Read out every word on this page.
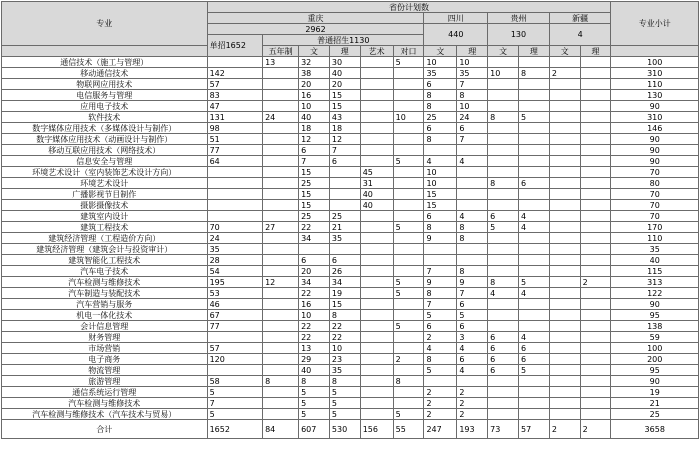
专业	省份计划数												专业小计
	重庆						四川		贵州		新疆		
	2962						440		130		4		
	单招1652	普通招生1130											
		五年制	文	理	艺术	对口	文	理	文	理	文	理	
通信技术（施工与管理）		13	32	30		5	10	10					100
移动通信技术	142		38	40			35	35	10	8	2		310
物联网应用技术	57		20	20			6	7					110
电信服务与管理	83		16	15			8	8					130
应用电子技术	47		10	15			8	10					90
软件技术	131	24	40	43		10	25	24	8	5			310
数字媒体应用技术（多媒体设计与制作）	98		18	18			6	6					146
数字媒体应用技术（动画设计与制作）	51		12	12			8	7					90
移动互联应用技术（网络技术）	77		6	7									90
信息安全与管理	64		7	6		5	4	4					90
环境艺术设计（室内装饰艺术设计方向）			15		45		10						70
环境艺术设计			25		31		10		8	6			80
广播影视节目制作			15		40		15						70
摄影摄像技术			15		40		15						70
建筑室内设计			25	25			6	4	6	4			70
建筑工程技术	70	27	22	21		5	8	8	5	4			170
建筑经济管理（工程造价方向）	24		34	35			9	8					110
建筑经济管理（建筑会计与投资审计）	35												35
建筑智能化工程技术	28		6	6									40
汽车电子技术	54		20	26			7	8					115
汽车检测与维修技术	195	12	34	34		5	9	9	8	5		2	313
汽车制造与装配技术	53		22	19		5	8	7	4	4			122
汽车营销与服务	46		16	15			7	6					90
机电一体化技术	67		10	8			5	5					95
会计信息管理	77		22	22		5	6	6					138
财务管理			22	22			2	3	6	4			59
市场营销	57		13	10			4	4	6	6			100
电子商务	120		29	23		2	8	6	6	6			200
物流管理			40	35			5	4	6	5			95
旅游管理	58	8	8	8		8							90
通信系统运行管理	5		5	5			2	2					19
汽车检测与维修技术	7		5	5			2	2					21
汽车检测与维修技术（汽车技术与贸易）	5		5	5		5	2	2					25
合计	1652	84	607	530	156	55	247	193	73	57	2	2	3658
